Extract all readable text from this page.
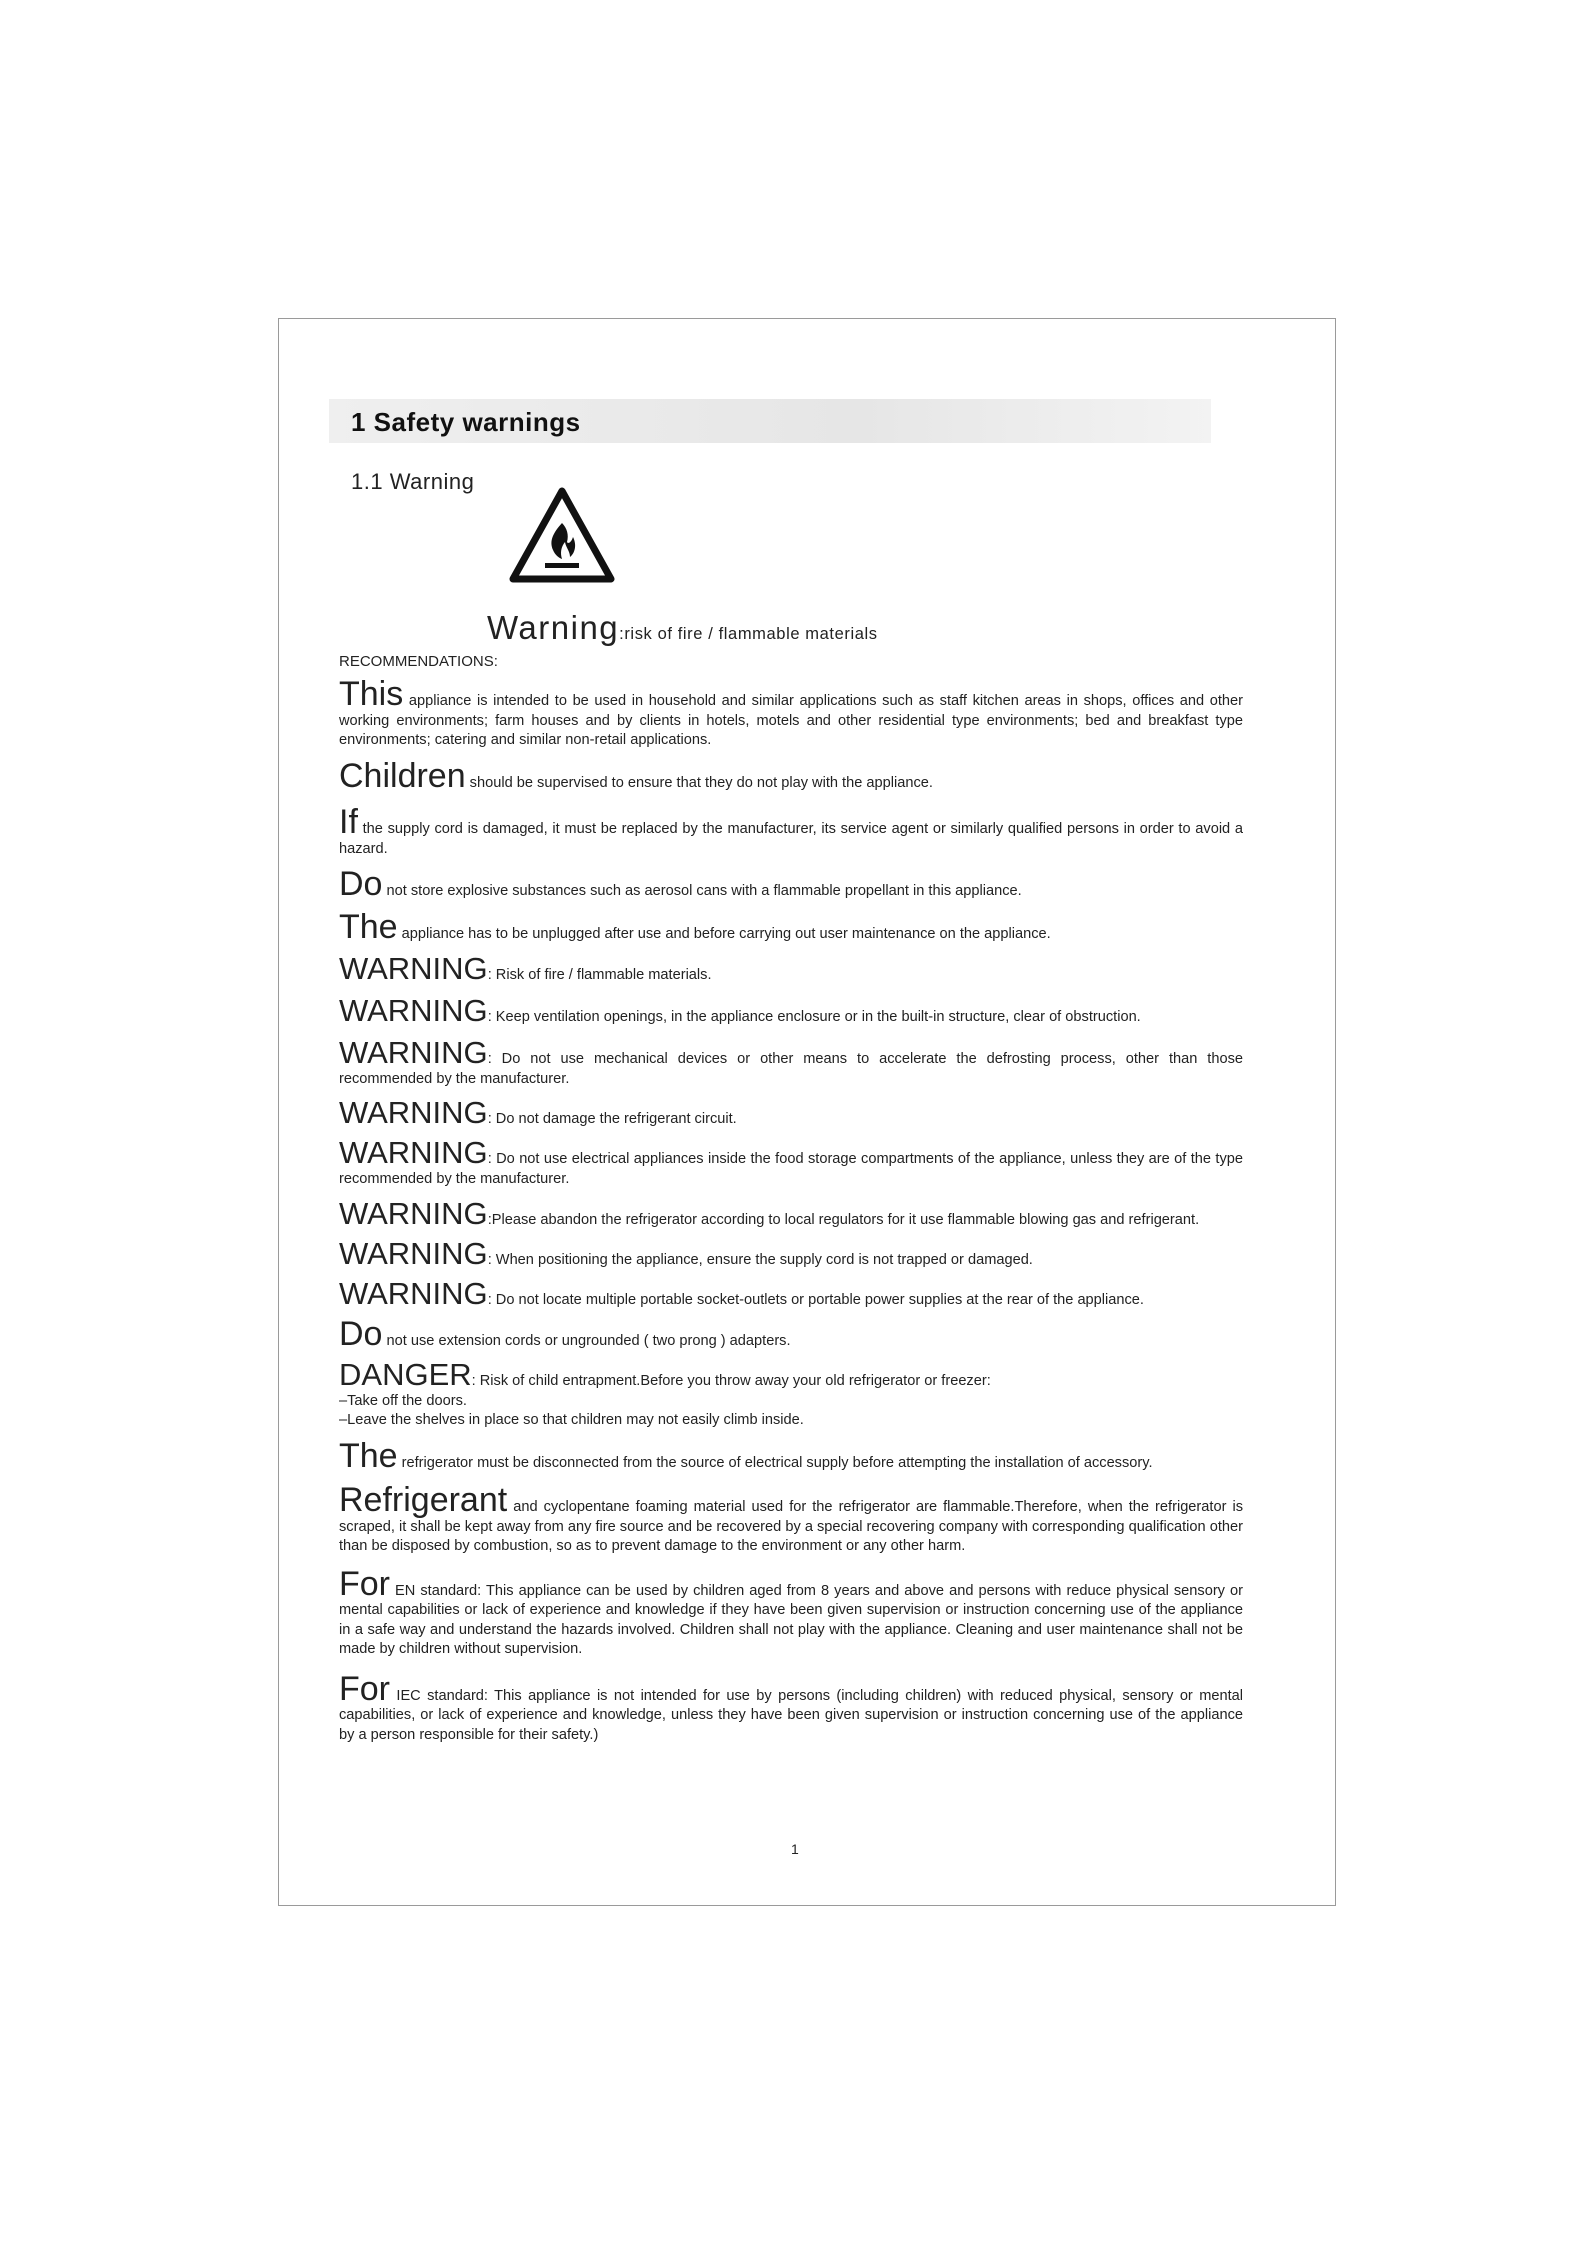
1 Safety warnings
1.1 Warning
Warning:risk of fire / flammable materials
RECOMMENDATIONS:

This appliance is intended to be used in household and similar applications such as staff kitchen areas in shops, offices and other working environments; farm houses and by clients in hotels, motels and other residential type environments; bed and breakfast type environments; catering and similar non-retail applications.

Children should be supervised to ensure that they do not play with the appliance.

If the supply cord is damaged, it must be replaced by the manufacturer, its service agent or similarly qualified persons in order to avoid a hazard.

Do not store explosive substances such as aerosol cans with a flammable propellant in this appliance.

The appliance has to be unplugged after use and before carrying out user maintenance on the appliance.

WARNING: Risk of fire / flammable materials.

WARNING: Keep ventilation openings, in the appliance enclosure or in the built-in structure, clear of obstruction.

WARNING: Do not use mechanical devices or other means to accelerate the defrosting process, other than those recommended by the manufacturer.

WARNING: Do not damage the refrigerant circuit.

WARNING: Do not use electrical appliances inside the food storage compartments of the appliance, unless they are of the type recommended by the manufacturer.

WARNING:Please abandon the refrigerator according to local regulators for it use flammable blowing gas and refrigerant.

WARNING: When positioning the appliance, ensure the supply cord is not trapped or damaged.

WARNING: Do not locate multiple portable socket-outlets or portable power supplies at the rear of the appliance.

Do not use extension cords or ungrounded ( two prong ) adapters.

DANGER: Risk of child entrapment.Before you throw away your old refrigerator or freezer:

–Take off the doors.

–Leave the shelves in place so that children may not easily climb inside.

The refrigerator must be disconnected from the source of electrical supply before attempting the installation of accessory.

Refrigerant and cyclopentane foaming material used for the refrigerator are flammable.Therefore, when the refrigerator is scraped, it shall be kept away from any fire source and be recovered by a special recovering company with corresponding qualification other than be disposed by combustion, so as to prevent damage to the environment or any other harm.

For EN standard: This appliance can be used by children aged from 8 years and above and persons with reduce physical sensory or mental capabilities or lack of experience and knowledge if they have been given supervision or instruction concerning use of the appliance in a safe way and understand the hazards involved. Children shall not play with the appliance. Cleaning and user maintenance shall not be made by children without supervision.

For IEC standard: This appliance is not intended for use by persons (including children) with reduced physical, sensory or mental capabilities, or lack of experience and knowledge, unless they have been given supervision or instruction concerning use of the appliance by a person responsible for their safety.)

1
